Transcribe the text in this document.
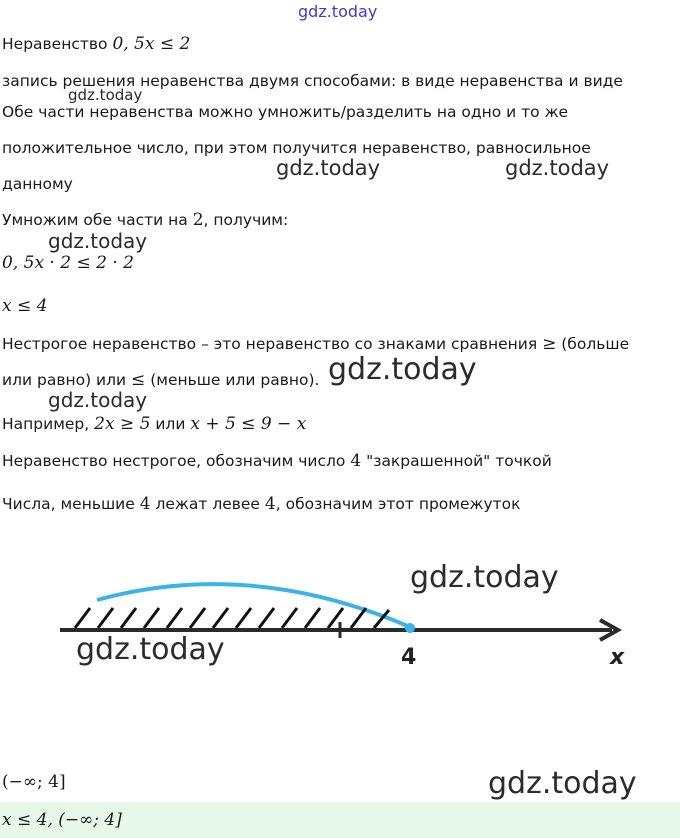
gdz.today
gdz.today
gdz.today	gdz.today
gdz.today
gdz.today
gdz.today
gdz.today
gdz.today
gdz.today
Неравенство 0, 5x ≤ 2
запись решения неравенства двумя способами: в виде неравенства и виде
Обе части неравенства можно умножить/разделить на одно и то же
положительное число, при этом получится неравенство, равносильное
данному
Умножим обе части на 2, получим:
0, 5x · 2 ≤ 2 · 2
x ≤ 4
Нестрогое неравенство – это неравенство со знаками сравнения ≥ (больше
или равно) или ≤ (меньше или равно).
Например, 2x ≥ 5 или x + 5 ≤ 9 − x
Неравенство нестрогое, обозначим число 4 "закрашенной" точкой
Числа, меньшие 4 лежат левее 4, обозначим этот промежуток
4	x
(−∞; 4]
x ≤ 4, (−∞; 4]
